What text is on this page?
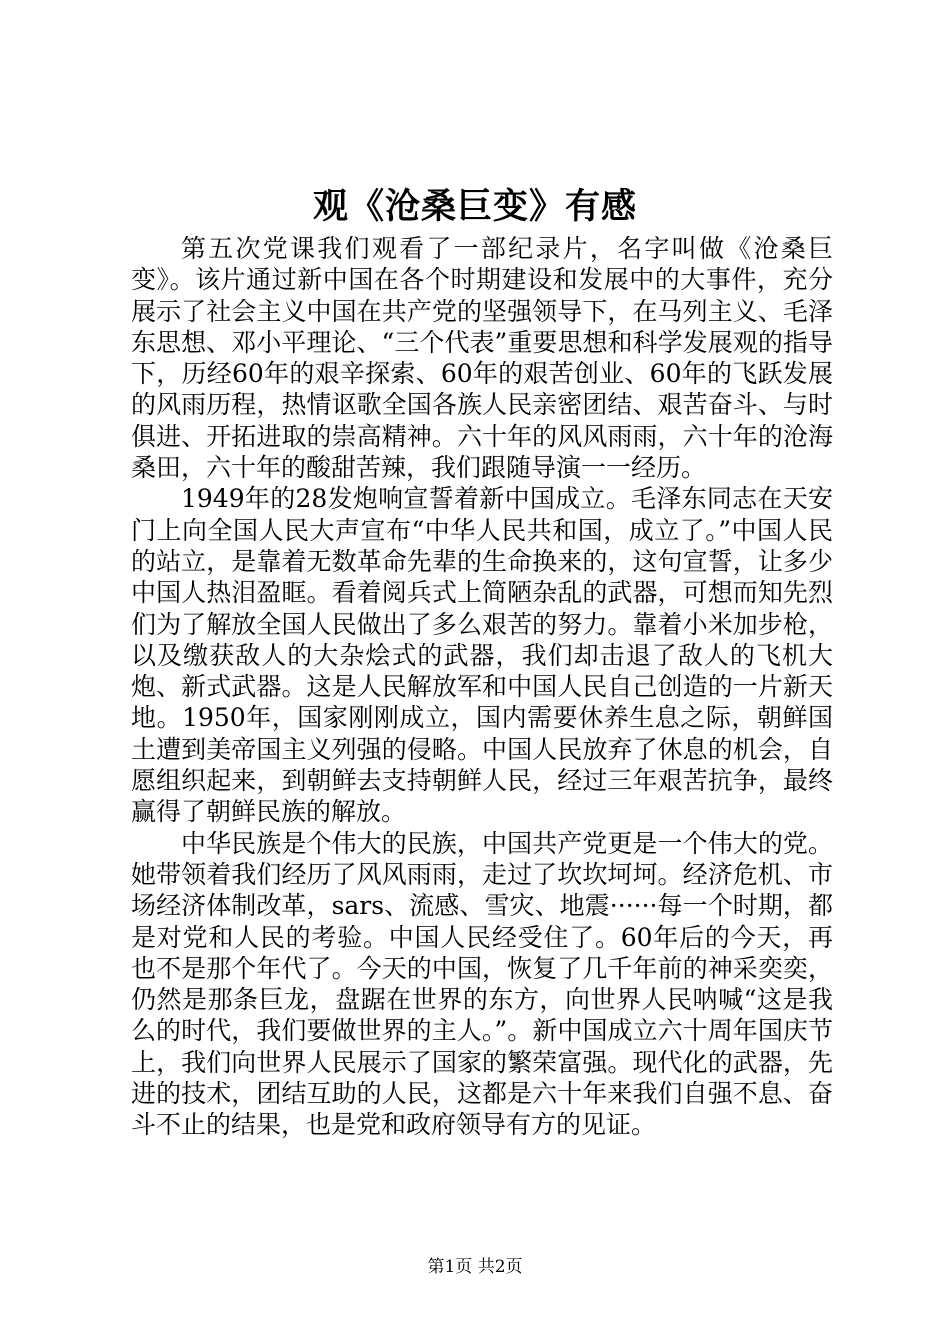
观《沧桑巨变》有感

第五次党课我们观看了一部纪录片，名字叫做《沧桑巨变》。该片通过新中国在各个时期建设和发展中的大事件，充分展示了社会主义中国在共产党的坚强领导下，在马列主义、毛泽东思想、邓小平理论、“三个代表”重要思想和科学发展观的指导下，历经60年的艰辛探索、60年的艰苦创业、60年的飞跃发展的风雨历程，热情讴歌全国各族人民亲密团结、艰苦奋斗、与时俱进、开拓进取的崇高精神。六十年的风风雨雨，六十年的沧海桑田，六十年的酸甜苦辣，我们跟随导演一一经历。

1949年的28发炮响宣誓着新中国成立。毛泽东同志在天安门上向全国人民大声宣布“中华人民共和国，成立了。”中国人民的站立，是靠着无数革命先辈的生命换来的，这句宣誓，让多少中国人热泪盈眶。看着阅兵式上简陋杂乱的武器，可想而知先烈们为了解放全国人民做出了多么艰苦的努力。靠着小米加步枪，以及缴获敌人的大杂烩式的武器，我们却击退了敌人的飞机大炮、新式武器。这是人民解放军和中国人民自己创造的一片新天地。1950年，国家刚刚成立，国内需要休养生息之际，朝鲜国土遭到美帝国主义列强的侵略。中国人民放弃了休息的机会，自愿组织起来，到朝鲜去支持朝鲜人民，经过三年艰苦抗争，最终赢得了朝鲜民族的解放。

中华民族是个伟大的民族，中国共产党更是一个伟大的党。她带领着我们经历了风风雨雨，走过了坎坎坷坷。经济危机、市场经济体制改革，sars、流感、雪灾、地震······每一个时期，都是对党和人民的考验。中国人民经受住了。60年后的今天，再也不是那个年代了。今天的中国，恢复了几千年前的神采奕奕，仍然是那条巨龙，盘踞在世界的东方，向世界人民呐喊“这是我么的时代，我们要做世界的主人。”。新中国成立六十周年国庆节上，我们向世界人民展示了国家的繁荣富强。现代化的武器，先进的技术，团结互助的人民，这都是六十年来我们自强不息、奋斗不止的结果，也是党和政府领导有方的见证。

第1页 共2页
